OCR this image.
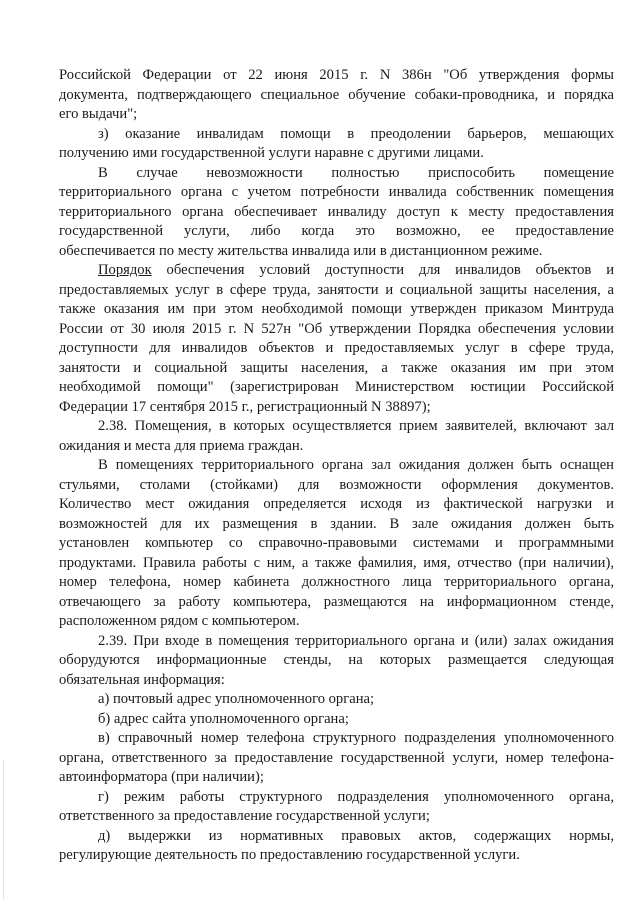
Российской Федерации от 22 июня 2015 г. N 386н "Об утверждения формы
документа, подтверждающего специальное обучение собаки-проводника, и порядка
его выдачи";
з) оказание инвалидам помощи в преодолении барьеров, мешающих
получению ими государственной услуги наравне с другими лицами.
В случае невозможности полностью приспособить помещение
территориального органа с учетом потребности инвалида собственник помещения
территориального органа обеспечивает инвалиду доступ к месту предоставления
государственной услуги, либо когда это возможно, ее предоставление
обеспечивается по месту жительства инвалида или в дистанционном режиме.
Порядок обеспечения условий доступности для инвалидов объектов и
предоставляемых услуг в сфере труда, занятости и социальной защиты населения, а
также оказания им при этом необходимой помощи утвержден приказом Минтруда
России от 30 июля 2015 г. N 527н "Об утверждении Порядка обеспечения условии
доступности для инвалидов объектов и предоставляемых услуг в сфере труда,
занятости и социальной защиты населения, а также оказания им при этом
необходимой помощи" (зарегистрирован Министерством юстиции Российской
Федерации 17 сентября 2015 г., регистрационный N 38897);
2.38. Помещения, в которых осуществляется прием заявителей, включают зал
ожидания и места для приема граждан.
В помещениях территориального органа зал ожидания должен быть оснащен
стульями, столами (стойками) для возможности оформления документов.
Количество мест ожидания определяется исходя из фактической нагрузки и
возможностей для их размещения в здании. В зале ожидания должен быть
установлен компьютер со справочно-правовыми системами и программными
продуктами. Правила работы с ним, а также фамилия, имя, отчество (при наличии),
номер телефона, номер кабинета должностного лица территориального органа,
отвечающего за работу компьютера, размещаются на информационном стенде,
расположенном рядом с компьютером.
2.39. При входе в помещения территориального органа и (или) залах ожидания
оборудуются информационные стенды, на которых размещается следующая
обязательная информация:
а) почтовый адрес уполномоченного органа;
б) адрес сайта уполномоченного органа;
в) справочный номер телефона структурного подразделения уполномоченного
органа, ответственного за предоставление государственной услуги, номер телефона-
автоинформатора (при наличии);
г) режим работы структурного подразделения уполномоченного органа,
ответственного за предоставление государственной услуги;
д) выдержки из нормативных правовых актов, содержащих нормы,
регулирующие деятельность по предоставлению государственной услуги.
